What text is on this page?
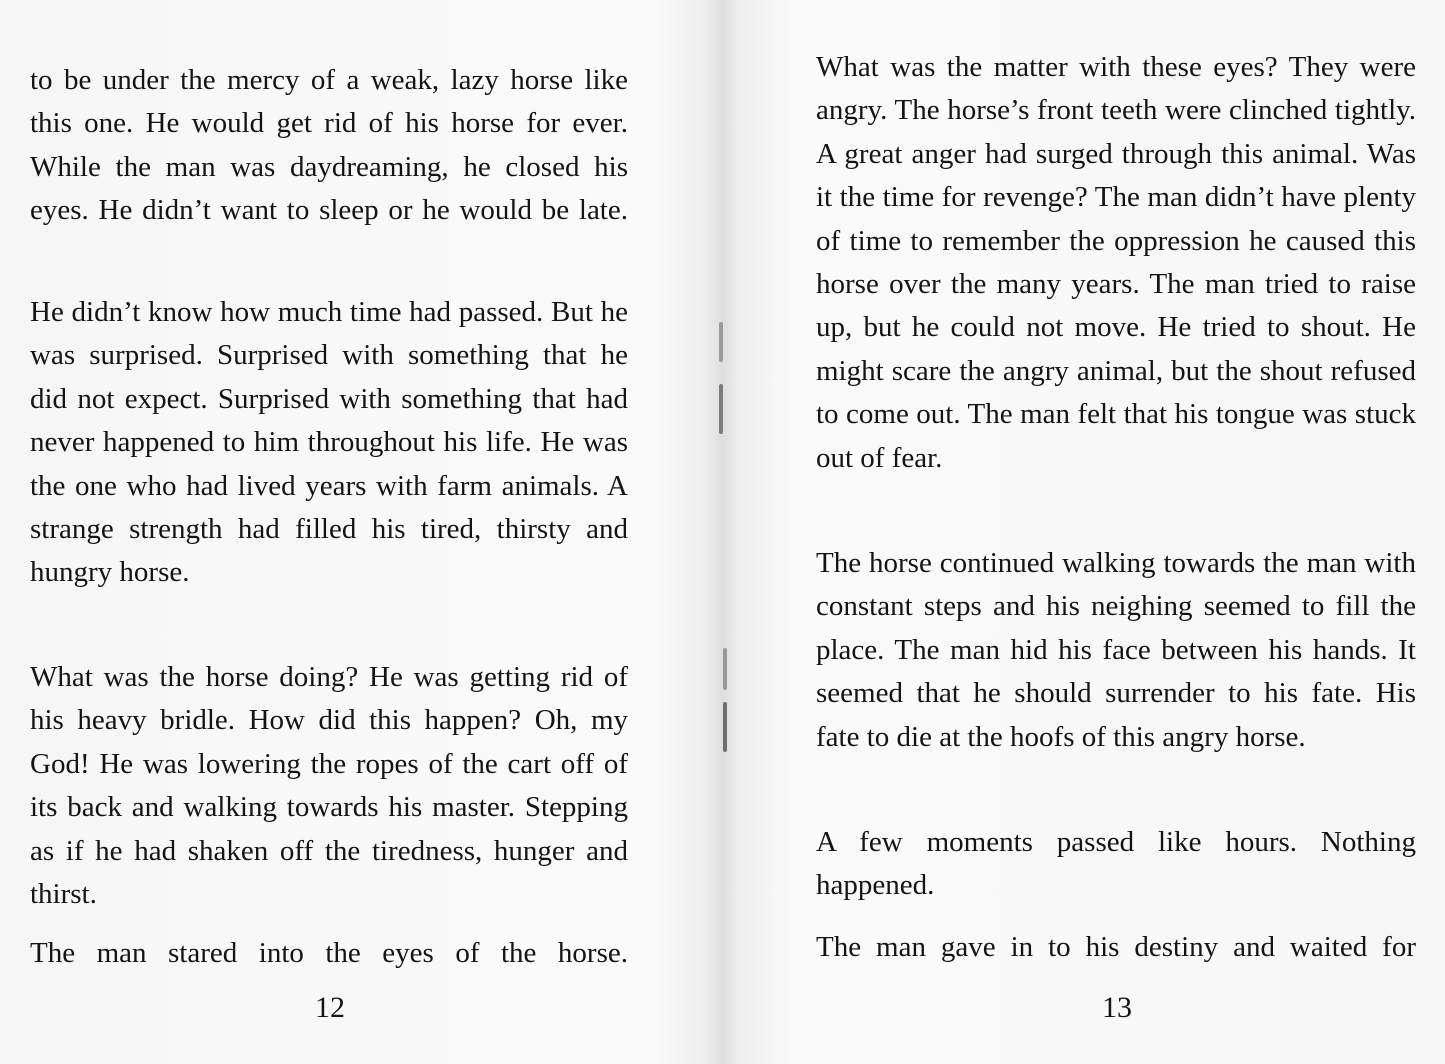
to be under the mercy of a weak, lazy horse like this one. He would get rid of his horse for ever. While the man was daydreaming, he closed his eyes. He didn’t want to sleep or he would be late.

He didn’t know how much time had passed. But he was surprised. Surprised with something that he did not expect. Surprised with something that had never happened to him throughout his life. He was the one who had lived years with farm animals. A strange strength had filled his tired, thirsty and hungry horse.

What was the horse doing? He was getting rid of his heavy bridle. How did this happen? Oh, my God! He was lowering the ropes of the cart off of its back and walking towards his master. Stepping as if he had shaken off the tiredness, hunger and thirst.

The man stared into the eyes of the horse.

12

What was the matter with these eyes? They were angry. The horse’s front teeth were clinched tightly. A great anger had surged through this animal. Was it the time for revenge? The man didn’t have plenty of time to remember the oppression he caused this horse over the many years. The man tried to raise up, but he could not move. He tried to shout. He might scare the angry animal, but the shout refused to come out. The man felt that his tongue was stuck out of fear.

The horse continued walking towards the man with constant steps and his neighing seemed to fill the place. The man hid his face between his hands. It seemed that he should surrender to his fate. His fate to die at the hoofs of this angry horse.

A few moments passed like hours. Nothing happened.

The man gave in to his destiny and waited for

13
